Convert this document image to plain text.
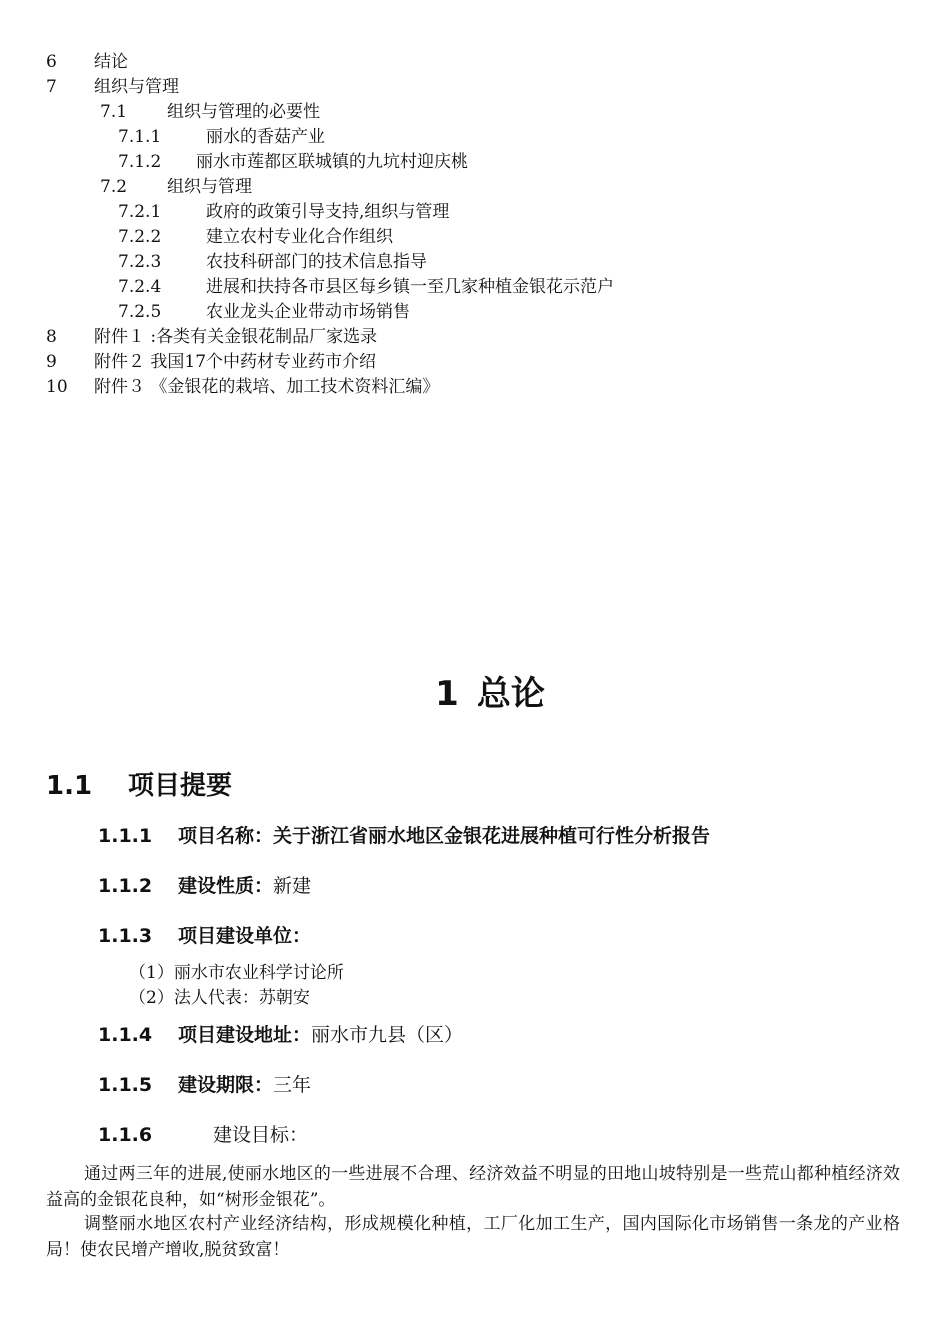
6 结论
7 组织与管理
7.1 组织与管理的必要性
7.1.1	丽水的香菇产业
7.1.2 丽水市莲都区联城镇的九坑村迎庆桃
7.2 组织与管理
7.2.1	政府的政策引导支持,组织与管理
7.2.2	建立农村专业化合作组织
7.2.3	农技科研部门的技术信息指导
7.2.4	进展和扶持各市县区每乡镇一至几家种植金银花示范户
7.2.5	农业龙头企业带动市场销售
8 附件１ :各类有关金银花制品厂家选录
9 附件２ 我国17个中药材专业药市介绍
10 附件３ 《金银花的栽培、加工技术资料汇编》
1 总论
1.1 项目提要
1.1.1 项目名称：关于浙江省丽水地区金银花进展种植可行性分析报告
1.1.2 建设性质：新建
1.1.3 项目建设单位：
（1）丽水市农业科学讨论所
（2）法人代表：苏朝安
1.1.4 项目建设地址：丽水市九县（区）
1.1.5 建设期限：三年
1.1.6	建设目标：
通过两三年的进展,使丽水地区的一些进展不合理、经济效益不明显的田地山坡特别是一些荒山都种植经济效益高的金银花良种，如“树形金银花”。
调整丽水地区农村产业经济结构，形成规模化种植，工厂化加工生产，国内国际化市场销售一条龙的产业格局！使农民增产增收,脱贫致富！
